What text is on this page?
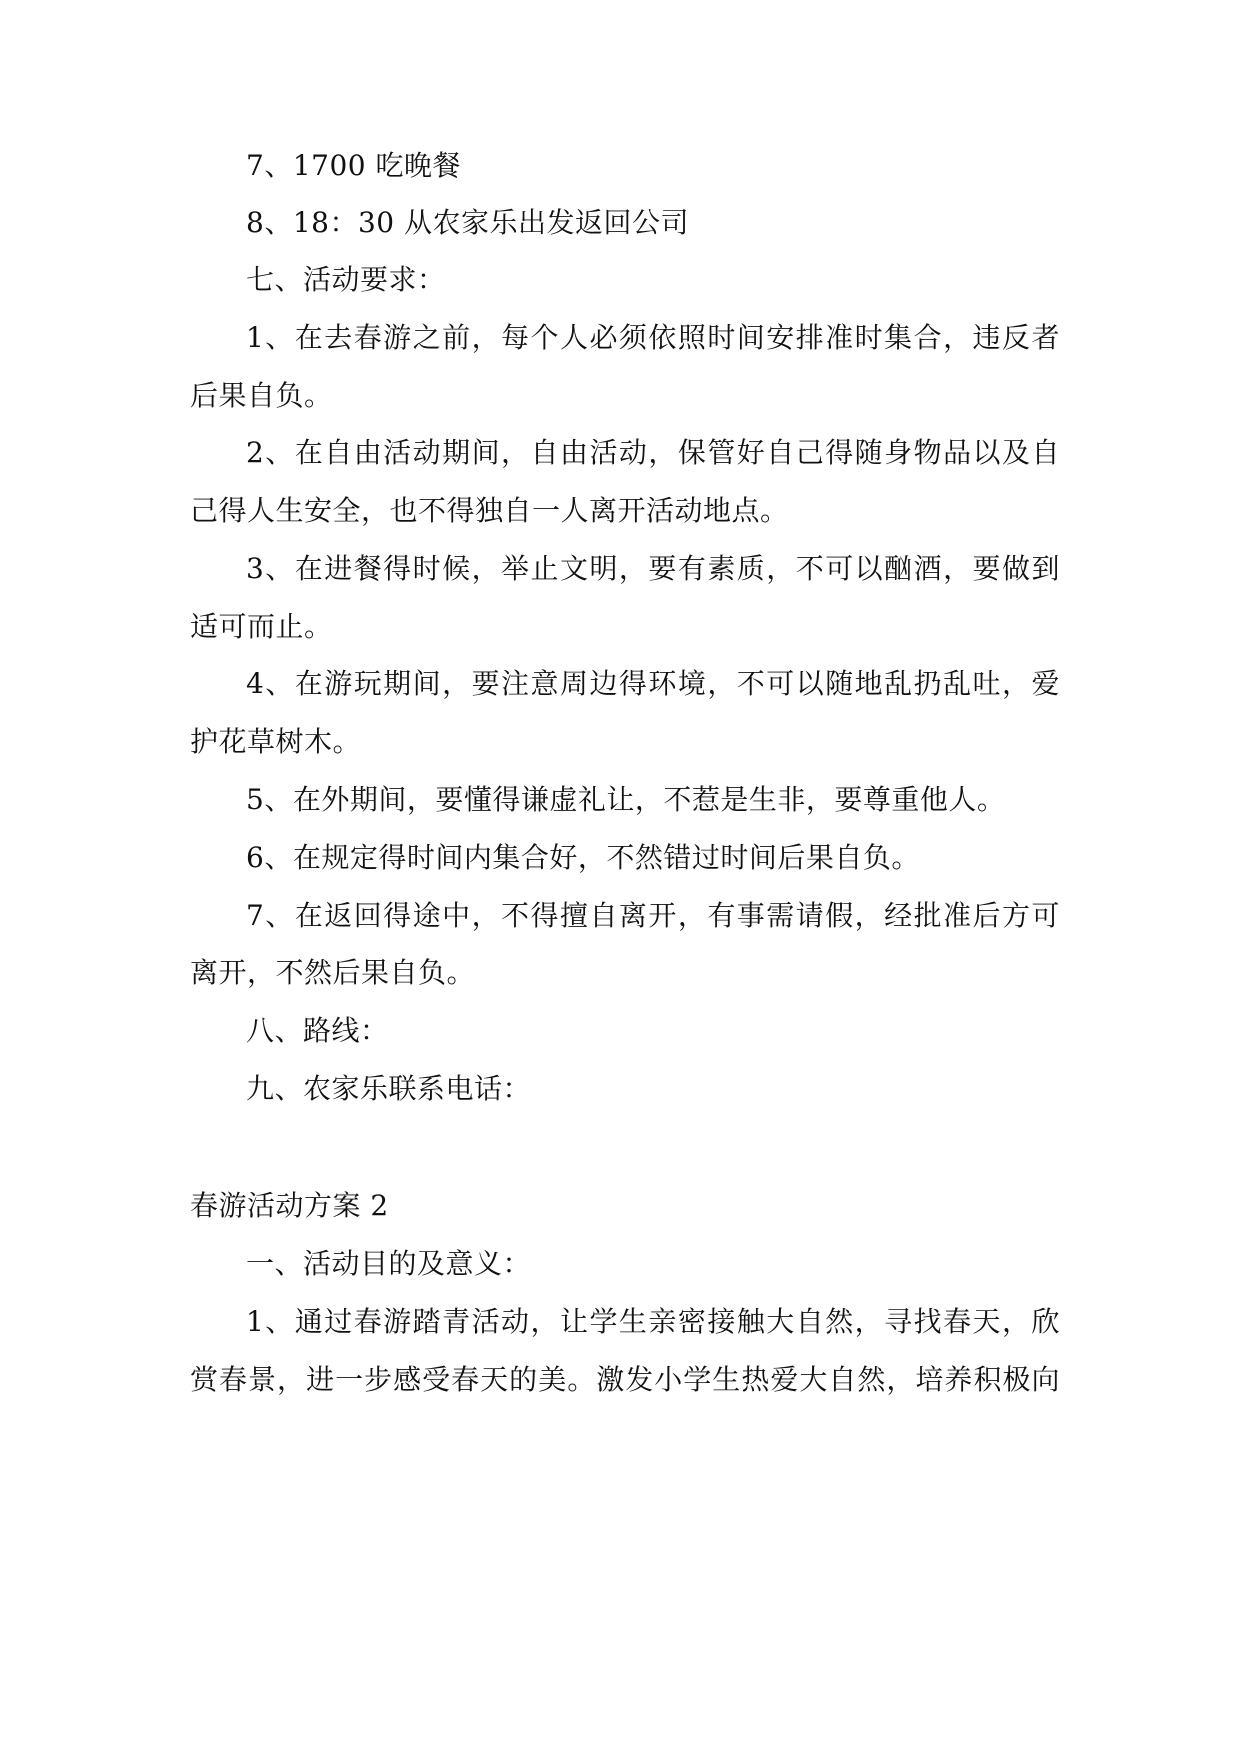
7、1700 吃晚餐
8、18：30 从农家乐出发返回公司
七、活动要求：
1、在去春游之前，每个人必须依照时间安排准时集合，违反者
后果自负。
2、在自由活动期间，自由活动，保管好自己得随身物品以及自
己得人生安全，也不得独自一人离开活动地点。
3、在进餐得时候，举止文明，要有素质，不可以酗酒，要做到
适可而止。
4、在游玩期间，要注意周边得环境，不可以随地乱扔乱吐，爱
护花草树木。
5、在外期间，要懂得谦虚礼让，不惹是生非，要尊重他人。
6、在规定得时间内集合好，不然错过时间后果自负。
7、在返回得途中，不得擅自离开，有事需请假，经批准后方可
离开，不然后果自负。
八、路线：
九、农家乐联系电话：
春游活动方案 2
一、活动目的及意义：
1、通过春游踏青活动，让学生亲密接触大自然，寻找春天，欣
赏春景，进一步感受春天的美。激发小学生热爱大自然，培养积极向
